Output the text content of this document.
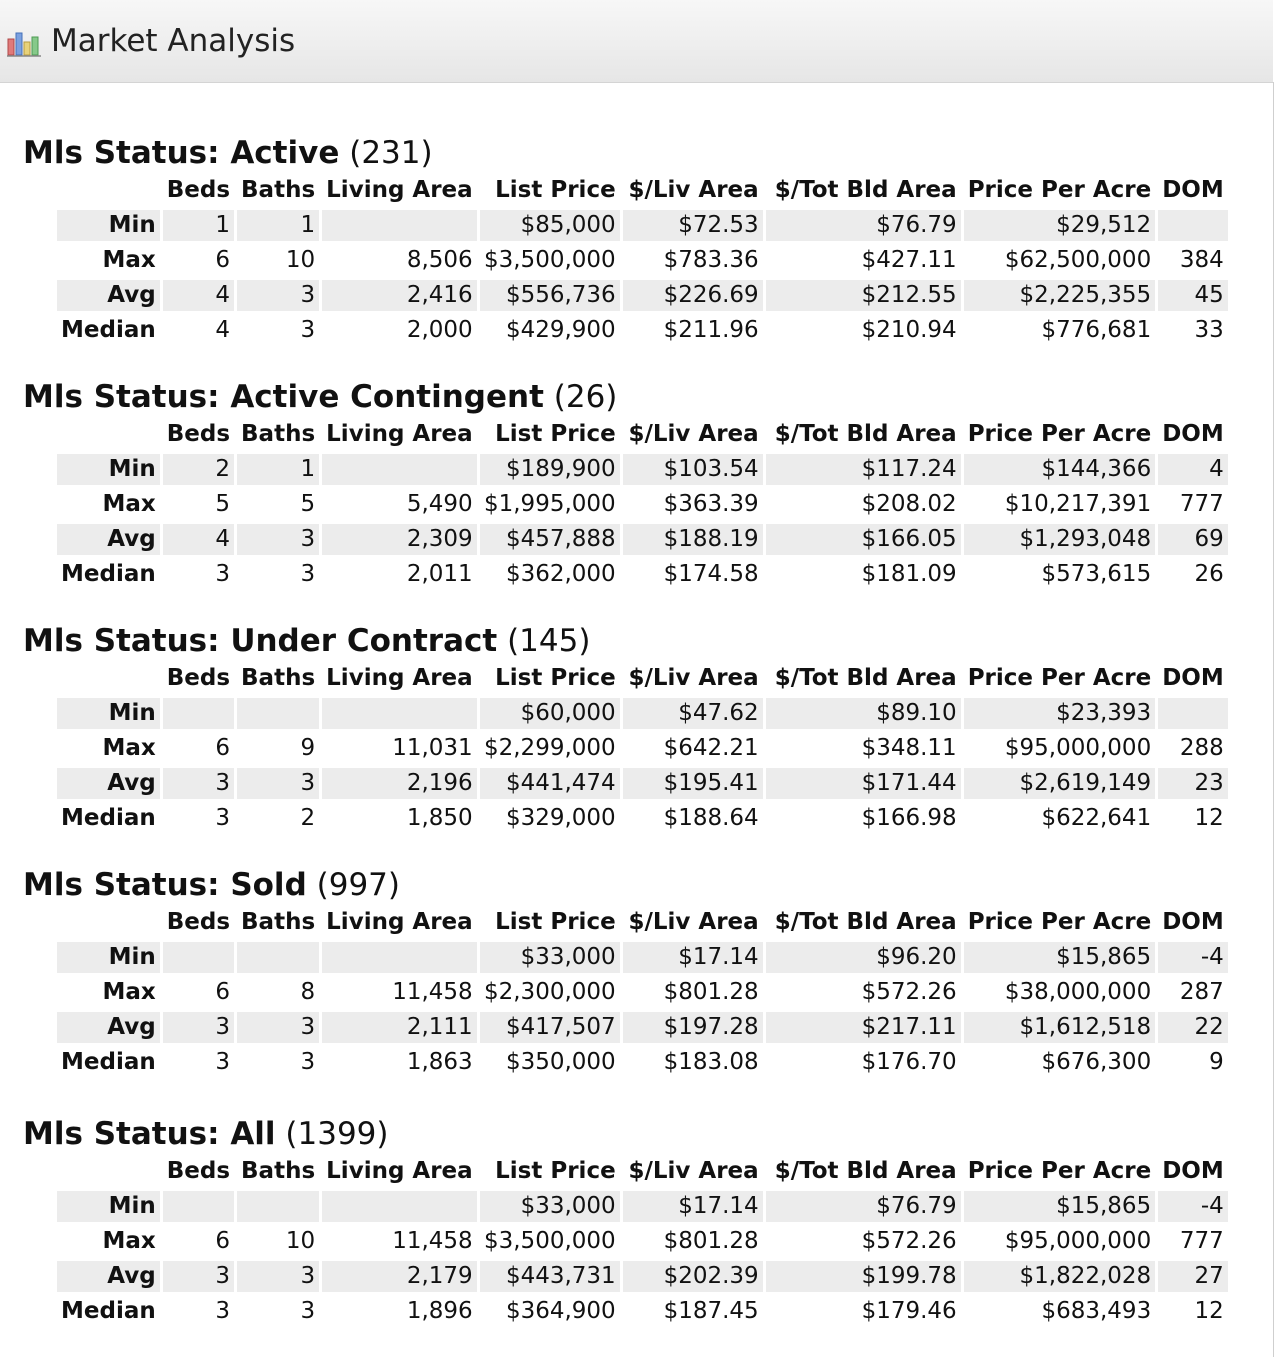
Market Analysis
Mls Status: Active (231)
	Beds	Baths	Living Area	List Price	$/Liv Area	$/Tot Bld Area	Price Per Acre	DOM
Min	1	1		$85,000	$72.53	$76.79	$29,512	
Max	6	10	8,506	$3,500,000	$783.36	$427.11	$62,500,000	384
Avg	4	3	2,416	$556,736	$226.69	$212.55	$2,225,355	45
Median	4	3	2,000	$429,900	$211.96	$210.94	$776,681	33
Mls Status: Active Contingent (26)
	Beds	Baths	Living Area	List Price	$/Liv Area	$/Tot Bld Area	Price Per Acre	DOM
Min	2	1		$189,900	$103.54	$117.24	$144,366	4
Max	5	5	5,490	$1,995,000	$363.39	$208.02	$10,217,391	777
Avg	4	3	2,309	$457,888	$188.19	$166.05	$1,293,048	69
Median	3	3	2,011	$362,000	$174.58	$181.09	$573,615	26
Mls Status: Under Contract (145)
	Beds	Baths	Living Area	List Price	$/Liv Area	$/Tot Bld Area	Price Per Acre	DOM
Min				$60,000	$47.62	$89.10	$23,393	
Max	6	9	11,031	$2,299,000	$642.21	$348.11	$95,000,000	288
Avg	3	3	2,196	$441,474	$195.41	$171.44	$2,619,149	23
Median	3	2	1,850	$329,000	$188.64	$166.98	$622,641	12
Mls Status: Sold (997)
	Beds	Baths	Living Area	List Price	$/Liv Area	$/Tot Bld Area	Price Per Acre	DOM
Min				$33,000	$17.14	$96.20	$15,865	-4
Max	6	8	11,458	$2,300,000	$801.28	$572.26	$38,000,000	287
Avg	3	3	2,111	$417,507	$197.28	$217.11	$1,612,518	22
Median	3	3	1,863	$350,000	$183.08	$176.70	$676,300	9
Mls Status: All (1399)
	Beds	Baths	Living Area	List Price	$/Liv Area	$/Tot Bld Area	Price Per Acre	DOM
Min				$33,000	$17.14	$76.79	$15,865	-4
Max	6	10	11,458	$3,500,000	$801.28	$572.26	$95,000,000	777
Avg	3	3	2,179	$443,731	$202.39	$199.78	$1,822,028	27
Median	3	3	1,896	$364,900	$187.45	$179.46	$683,493	12
